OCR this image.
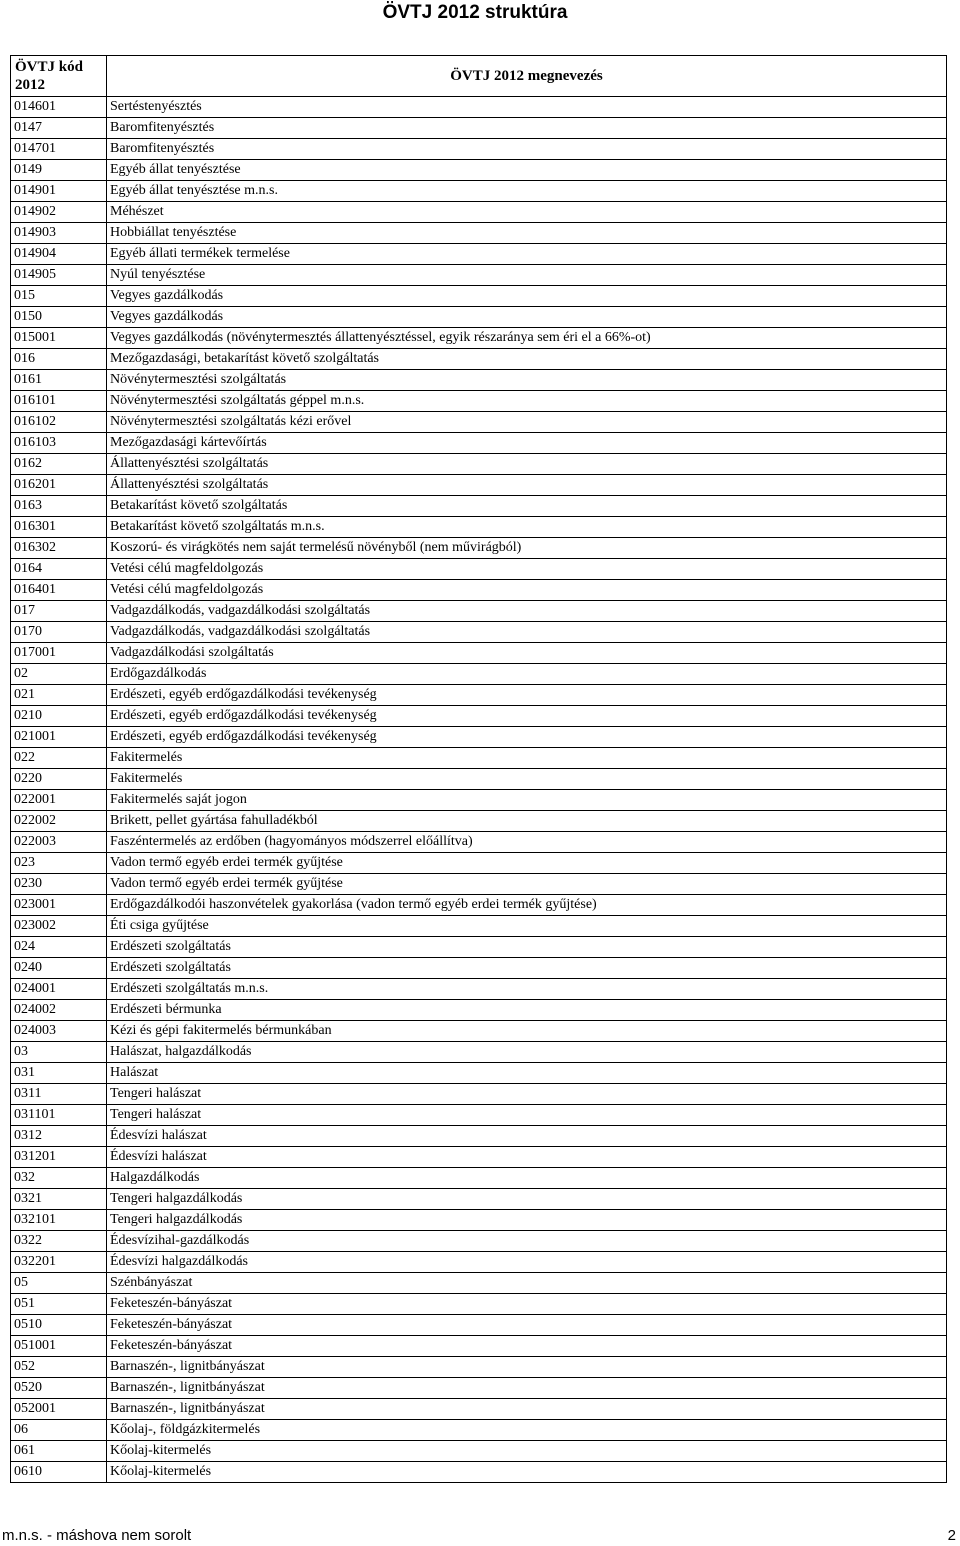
ÖVTJ 2012 struktúra
ÖVTJ kód
2012	ÖVTJ 2012 megnevezés
014601	Sertéstenyésztés
0147	Baromfitenyésztés
014701	Baromfitenyésztés
0149	Egyéb állat tenyésztése
014901	Egyéb állat tenyésztése m.n.s.
014902	Méhészet
014903	Hobbiállat tenyésztése
014904	Egyéb állati termékek termelése
014905	Nyúl tenyésztése
015	Vegyes gazdálkodás
0150	Vegyes gazdálkodás
015001	Vegyes gazdálkodás (növénytermesztés állattenyésztéssel, egyik részaránya sem éri el a 66%-ot)
016	Mezőgazdasági, betakarítást követő szolgáltatás
0161	Növénytermesztési szolgáltatás
016101	Növénytermesztési szolgáltatás géppel m.n.s.
016102	Növénytermesztési szolgáltatás kézi erővel
016103	Mezőgazdasági kártevőírtás
0162	Állattenyésztési szolgáltatás
016201	Állattenyésztési szolgáltatás
0163	Betakarítást követő szolgáltatás
016301	Betakarítást követő szolgáltatás m.n.s.
016302	Koszorú- és virágkötés nem saját termelésű növényből (nem művirágból)
0164	Vetési célú magfeldolgozás
016401	Vetési célú magfeldolgozás
017	Vadgazdálkodás, vadgazdálkodási szolgáltatás
0170	Vadgazdálkodás, vadgazdálkodási szolgáltatás
017001	Vadgazdálkodási szolgáltatás
02	Erdőgazdálkodás
021	Erdészeti, egyéb erdőgazdálkodási tevékenység
0210	Erdészeti, egyéb erdőgazdálkodási tevékenység
021001	Erdészeti, egyéb erdőgazdálkodási tevékenység
022	Fakitermelés
0220	Fakitermelés
022001	Fakitermelés saját jogon
022002	Brikett, pellet gyártása fahulladékból
022003	Faszéntermelés az erdőben (hagyományos módszerrel előállítva)
023	Vadon termő egyéb erdei termék gyűjtése
0230	Vadon termő egyéb erdei termék gyűjtése
023001	Erdőgazdálkodói haszonvételek gyakorlása (vadon termő egyéb erdei termék gyűjtése)
023002	Éti csiga gyűjtése
024	Erdészeti szolgáltatás
0240	Erdészeti szolgáltatás
024001	Erdészeti szolgáltatás m.n.s.
024002	Erdészeti bérmunka
024003	Kézi és gépi fakitermelés bérmunkában
03	Halászat, halgazdálkodás
031	Halászat
0311	Tengeri halászat
031101	Tengeri halászat
0312	Édesvízi halászat
031201	Édesvízi halászat
032	Halgazdálkodás
0321	Tengeri halgazdálkodás
032101	Tengeri halgazdálkodás
0322	Édesvízihal-gazdálkodás
032201	Édesvízi halgazdálkodás
05	Szénbányászat
051	Feketeszén-bányászat
0510	Feketeszén-bányászat
051001	Feketeszén-bányászat
052	Barnaszén-, lignitbányászat
0520	Barnaszén-, lignitbányászat
052001	Barnaszén-, lignitbányászat
06	Kőolaj-, földgázkitermelés
061	Kőolaj-kitermelés
0610	Kőolaj-kitermelés
m.n.s. - máshova nem sorolt	2
